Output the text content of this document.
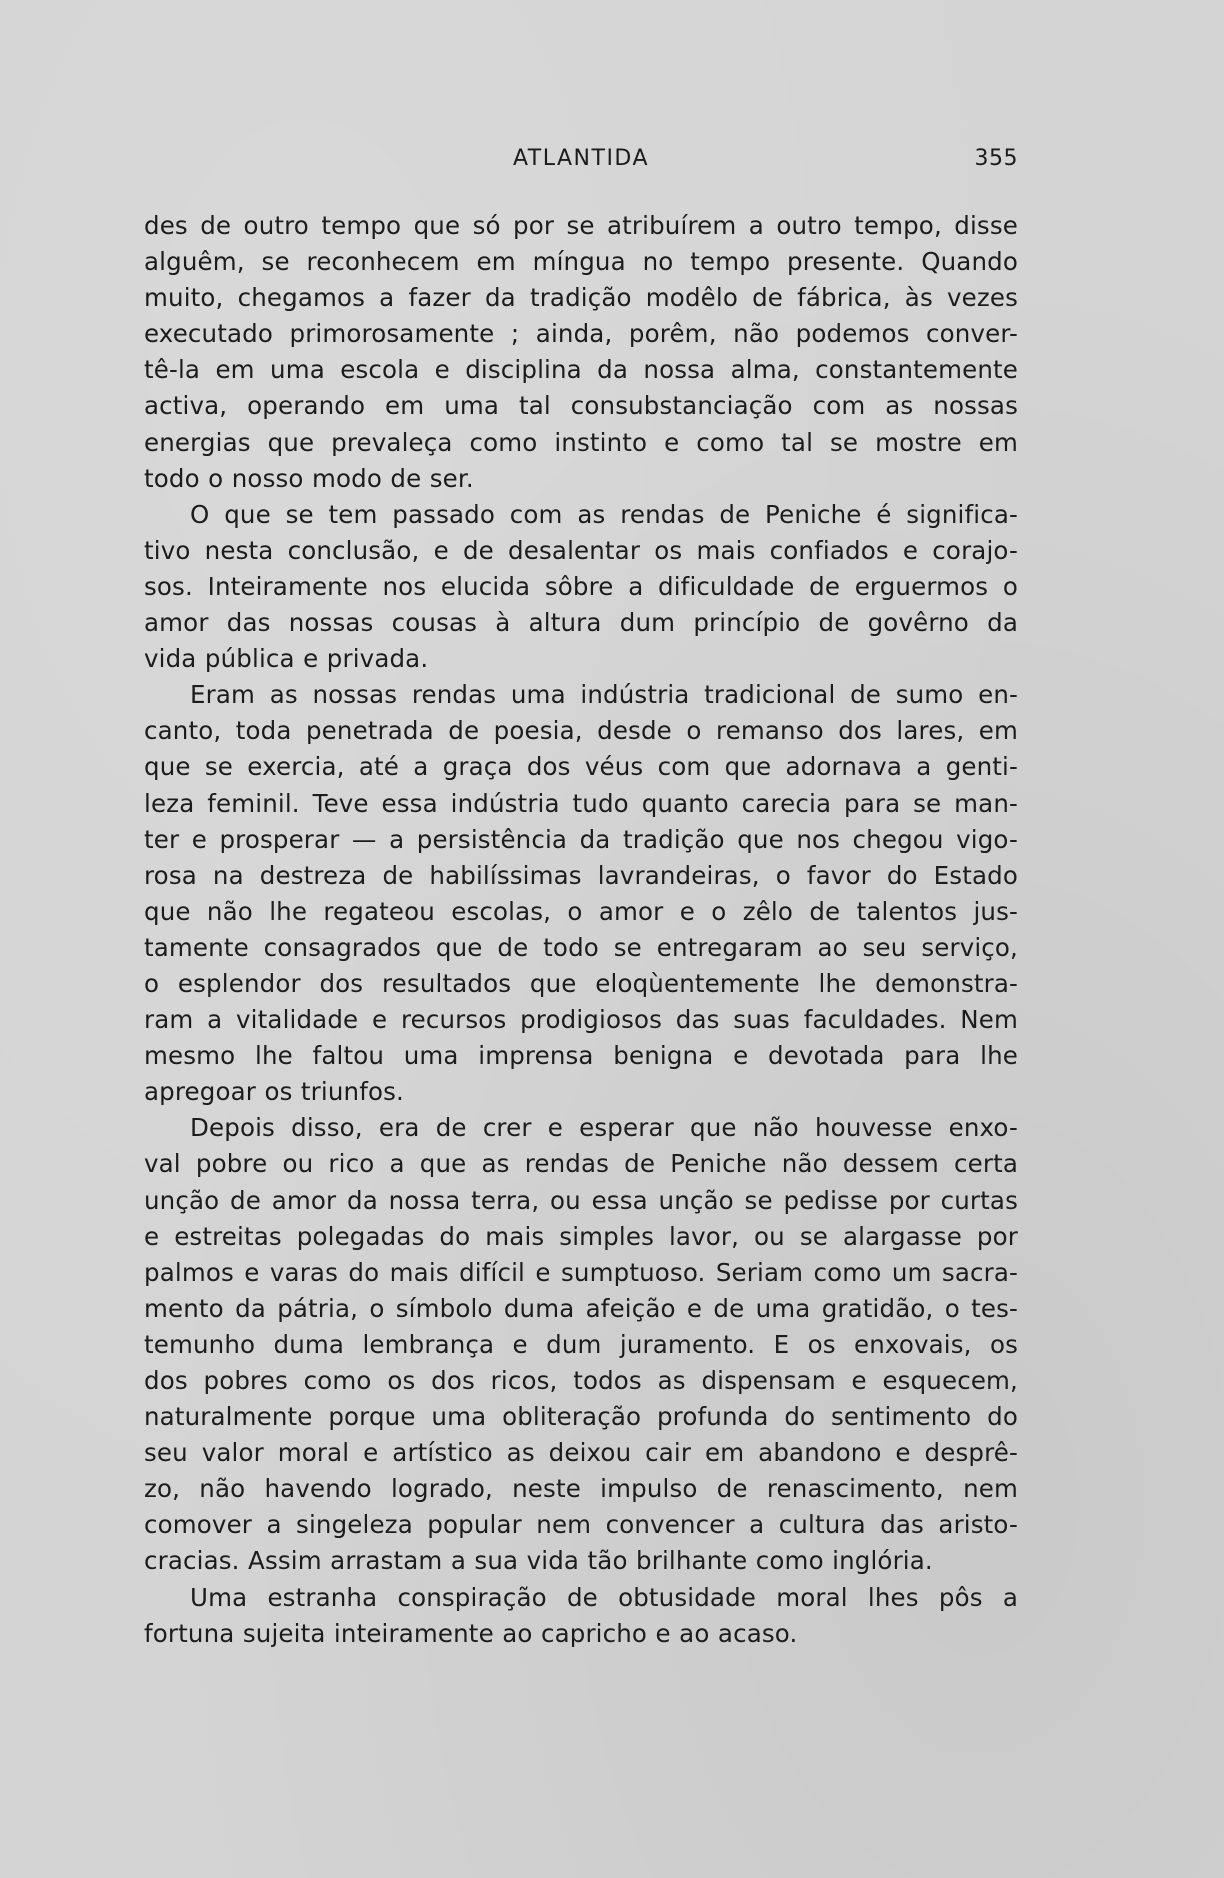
ATLANTIDA	355

des de outro tempo que só por se atribuírem a outro tempo, disse

alguêm, se reconhecem em míngua no tempo presente. Quando

muito, chegamos a fazer da tradição modêlo de fábrica, às vezes

executado primorosamente ; ainda, porêm, não podemos conver-

tê-la em uma escola e disciplina da nossa alma, constantemente

activa, operando em uma tal consubstanciação com as nossas

energias que prevaleça como instinto e como tal se mostre em

todo o nosso modo de ser.

O que se tem passado com as rendas de Peniche é significa-

tivo nesta conclusão, e de desalentar os mais confiados e corajo-

sos. Inteiramente nos elucida sôbre a dificuldade de erguermos o

amor das nossas cousas à altura dum princípio de govêrno da

vida pública e privada.

Eram as nossas rendas uma indústria tradicional de sumo en-

canto, toda penetrada de poesia, desde o remanso dos lares, em

que se exercia, até a graça dos véus com que adornava a genti-

leza feminil. Teve essa indústria tudo quanto carecia para se man-

ter e prosperar — a persistência da tradição que nos chegou vigo-

rosa na destreza de habilíssimas lavrandeiras, o favor do Estado

que não lhe regateou escolas, o amor e o zêlo de talentos jus-

tamente consagrados que de todo se entregaram ao seu serviço,

o esplendor dos resultados que eloqùentemente lhe demonstra-

ram a vitalidade e recursos prodigiosos das suas faculdades. Nem

mesmo lhe faltou uma imprensa benigna e devotada para lhe

apregoar os triunfos.

Depois disso, era de crer e esperar que não houvesse enxo-

val pobre ou rico a que as rendas de Peniche não dessem certa

unção de amor da nossa terra, ou essa unção se pedisse por curtas

e estreitas polegadas do mais simples lavor, ou se alargasse por

palmos e varas do mais difícil e sumptuoso. Seriam como um sacra-

mento da pátria, o símbolo duma afeição e de uma gratidão, o tes-

temunho duma lembrança e dum juramento. E os enxovais, os

dos pobres como os dos ricos, todos as dispensam e esquecem,

naturalmente porque uma obliteração profunda do sentimento do

seu valor moral e artístico as deixou cair em abandono e desprê-

zo, não havendo logrado, neste impulso de renascimento, nem

comover a singeleza popular nem convencer a cultura das aristo-

cracias. Assim arrastam a sua vida tão brilhante como inglória.

Uma estranha conspiração de obtusidade moral lhes pôs a

fortuna sujeita inteiramente ao capricho e ao acaso.
